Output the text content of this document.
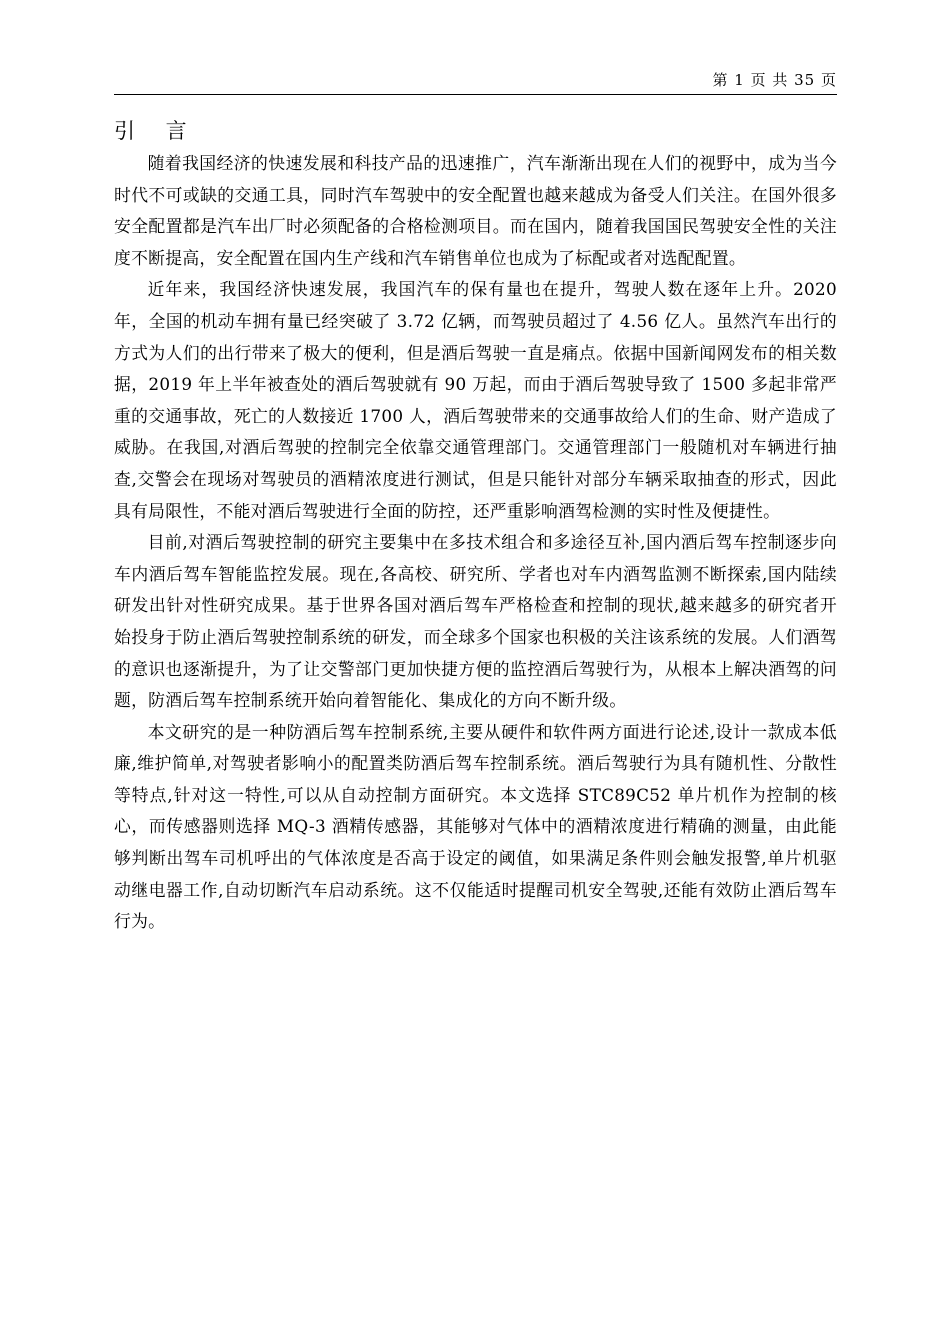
第 1 页 共 35 页
引 言

随着我国经济的快速发展和科技产品的迅速推广，汽车渐渐出现在人们的视野中，成为当今时代不可或缺的交通工具，同时汽车驾驶中的安全配置也越来越成为备受人们关注。在国外很多安全配置都是汽车出厂时必须配备的合格检测项目。而在国内，随着我国国民驾驶安全性的关注度不断提高，安全配置在国内生产线和汽车销售单位也成为了标配或者对选配配置。

近年来，我国经济快速发展，我国汽车的保有量也在提升，驾驶人数在逐年上升。2020 年，全国的机动车拥有量已经突破了 3.72 亿辆，而驾驶员超过了 4.56 亿人。虽然汽车出行的方式为人们的出行带来了极大的便利，但是酒后驾驶一直是痛点。依据中国新闻网发布的相关数据，2019 年上半年被查处的酒后驾驶就有 90 万起，而由于酒后驾驶导致了 1500 多起非常严重的交通事故，死亡的人数接近 1700 人，酒后驾驶带来的交通事故给人们的生命、财产造成了威胁。在我国,对酒后驾驶的控制完全依靠交通管理部门。交通管理部门一般随机对车辆进行抽查,交警会在现场对驾驶员的酒精浓度进行测试，但是只能针对部分车辆采取抽查的形式，因此具有局限性，不能对酒后驾驶进行全面的防控，还严重影响酒驾检测的实时性及便捷性。

目前,对酒后驾驶控制的研究主要集中在多技术组合和多途径互补,国内酒后驾车控制逐步向车内酒后驾车智能监控发展。现在,各高校、研究所、学者也对车内酒驾监测不断探索,国内陆续研发出针对性研究成果。基于世界各国对酒后驾车严格检查和控制的现状,越来越多的研究者开始投身于防止酒后驾驶控制系统的研发，而全球多个国家也积极的关注该系统的发展。人们酒驾的意识也逐渐提升，为了让交警部门更加快捷方便的监控酒后驾驶行为，从根本上解决酒驾的问题，防酒后驾车控制系统开始向着智能化、集成化的方向不断升级。

本文研究的是一种防酒后驾车控制系统,主要从硬件和软件两方面进行论述,设计一款成本低廉,维护简单,对驾驶者影响小的配置类防酒后驾车控制系统。酒后驾驶行为具有随机性、分散性等特点,针对这一特性,可以从自动控制方面研究。本文选择 STC89C52 单片机作为控制的核心，而传感器则选择 MQ-3 酒精传感器，其能够对气体中的酒精浓度进行精确的测量，由此能够判断出驾车司机呼出的气体浓度是否高于设定的阈值，如果满足条件则会触发报警,单片机驱动继电器工作,自动切断汽车启动系统。这不仅能适时提醒司机安全驾驶,还能有效防止酒后驾车行为。
